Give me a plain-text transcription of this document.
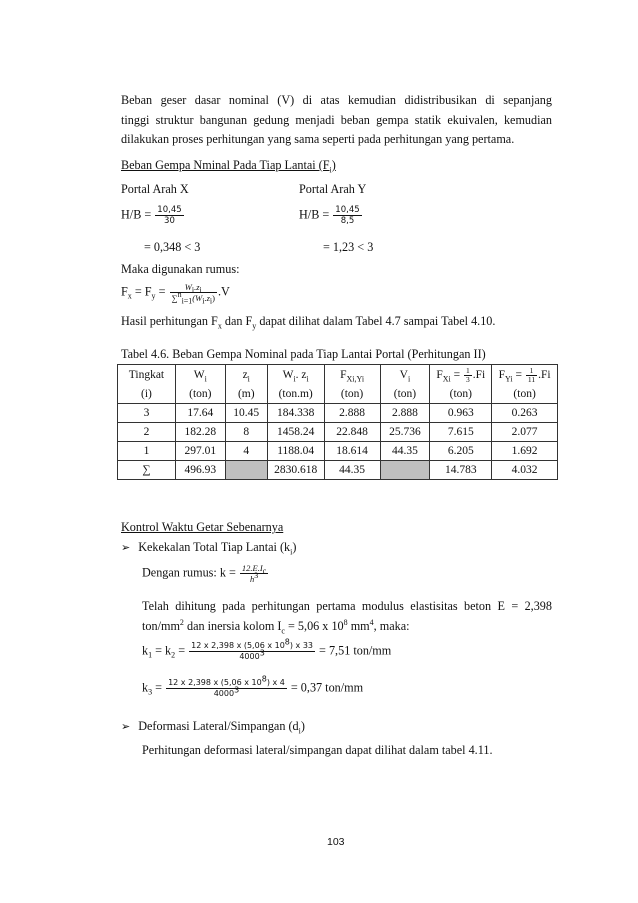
Beban geser dasar nominal (V) di atas kemudian didistribusikan di sepanjang
tinggi struktur bangunan gedung menjadi beban gempa statik ekuivalen, kemudian
dilakukan proses perhitungan yang sama seperti pada perhitungan yang pertama.
Beban Gempa Nminal Pada Tiap Lantai $(F_i)$
Portal Arah X	Portal Arah Y
$H/B = \frac{10,45}{30}$	$H/B = \frac{10,45}{8,5}$
= 0,348 < 3	= 1,23 < 3
Maka digunakan rumus:
$F_x = F_y = \frac{W_i.z_i}{\sum^n_{i=1}(W_i.z_i)} .V$
Hasil perhitungan $F_x$ dan $F_y$ dapat dilihat dalam Tabel 4.7 sampai Tabel 4.10.
Tabel 4.6. Beban Gempa Nominal pada Tiap Lantai Portal (Perhitungan II)
Tingkat	$W_i$	$z_i$	$W_i$. $z_i$	$F_{Xi,Yi}$	$V_i$	$F_{Xi} = \frac{1}{3} .Fi$	$F_{Yi} = \frac{1}{11} .Fi$
(i)	(ton)	(m)	(ton.m)	(ton)	(ton)	(ton)	(ton)
3	17.64	10.45	184.338	2.888	2.888	0.963	0.263
2	182.28	8	1458.24	22.848	25.736	7.615	2.077
1	297.01	4	1188.04	18.614	44.35	6.205	1.692
∑	496.93		2830.618	44.35		14.783	4.032
Kontrol Waktu Getar Sebenarnya
➢ Kekekalan Total Tiap Lantai $(k_i)$
Dengan rumus: $k = \frac{12.E.I_c}{h^3}$
Telah dihitung pada perhitungan pertama modulus elastisitas beton E = 2,398
ton/$mm^2$ dan inersia kolom $I_c = 5,06$ x $10^8$ $mm^4$, maka:
$k_1 = k_2 = \frac{12 x 2,398 x (5,06 x 10^8) x 33}{4000^3} = 7,51$ ton/mm
$k_3 = \frac{12 x 2,398 x (5,06 x 10^8) x 4}{4000^3} = 0,37$ ton/mm
➢ Deformasi Lateral/Simpangan $(d_i)$
Perhitungan deformasi lateral/simpangan dapat dilihat dalam tabel 4.11.
103
